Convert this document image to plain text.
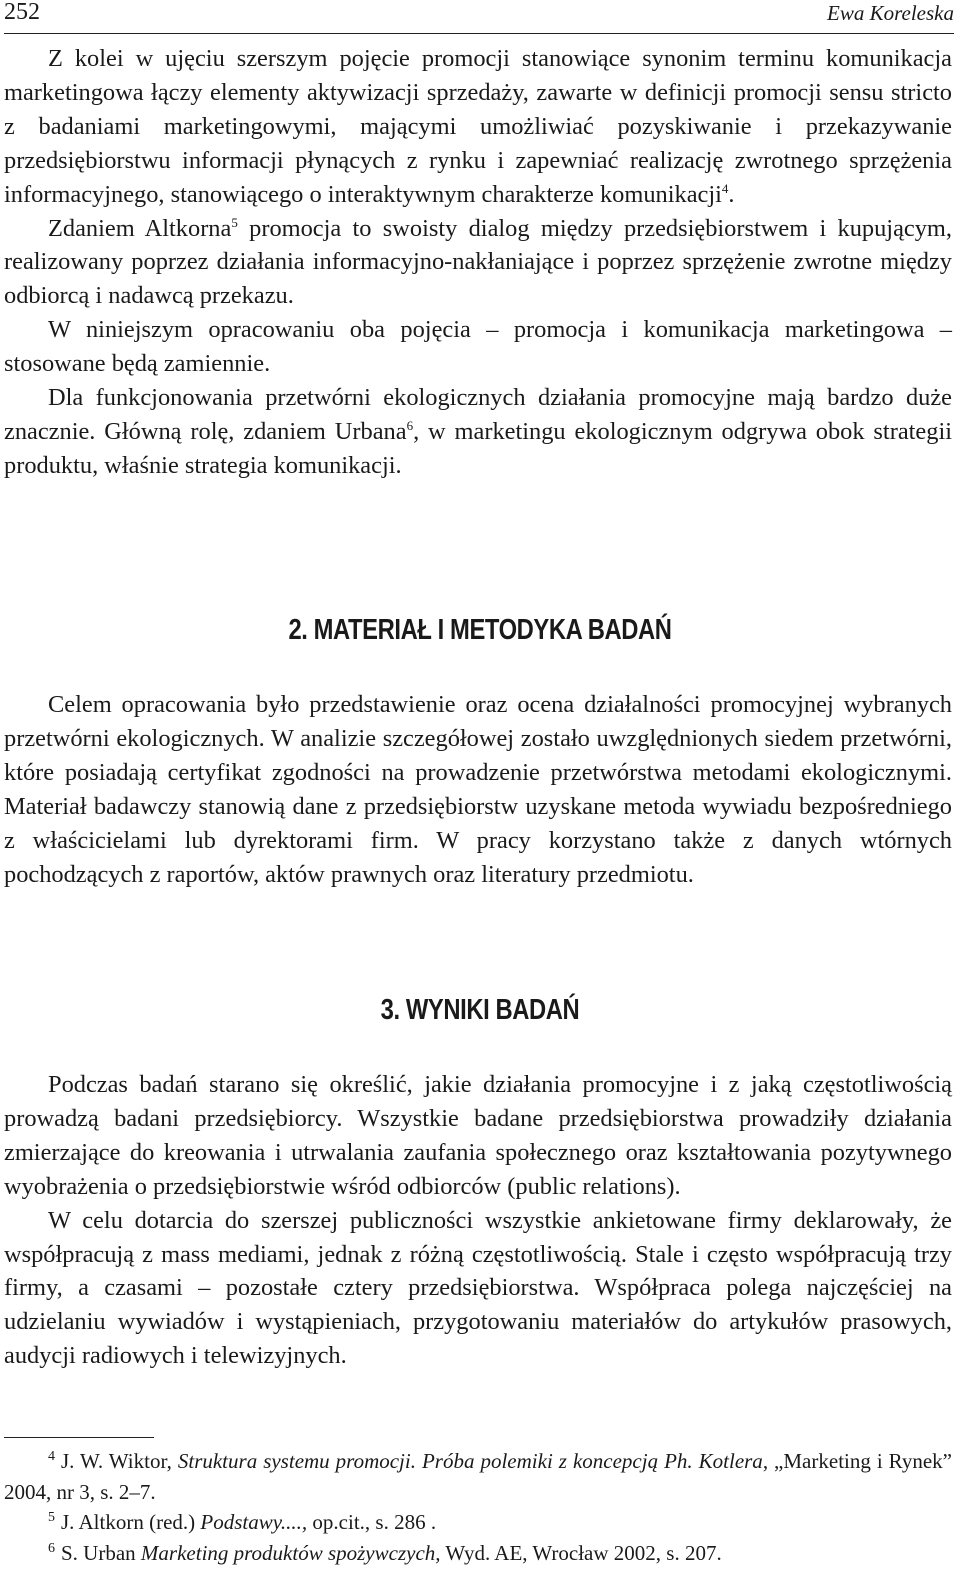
252	Ewa Koreleska

Z kolei w ujęciu szerszym pojęcie promocji stanowiące synonim terminu komunikacja marketingowa łączy elementy aktywizacji sprzedaży, zawarte w definicji promocji sensu stricto z badaniami marketingowymi, mającymi umożliwiać pozyskiwanie i przekazywanie przedsiębiorstwu informacji płynących z rynku i zapewniać realizację zwrotnego sprzężenia informacyjnego, stanowiącego o interaktywnym charakterze komunikacji$^4$.

Zdaniem Altkorna$^5$ promocja to swoisty dialog między przedsiębiorstwem i kupującym, realizowany poprzez działania informacyjno-nakłaniające i poprzez sprzężenie zwrotne między odbiorcą i nadawcą przekazu.

W niniejszym opracowaniu oba pojęcia – promocja i komunikacja marketingowa – stosowane będą zamiennie.

Dla funkcjonowania przetwórni ekologicznych działania promocyjne mają bardzo duże znacznie. Główną rolę, zdaniem Urbana$^6$, w marketingu ekologicznym odgrywa obok strategii produktu, właśnie strategia komunikacji.

2. MATERIAŁ I METODYKA BADAŃ

Celem opracowania było przedstawienie oraz ocena działalności promocyjnej wybranych przetwórni ekologicznych. W analizie szczegółowej zostało uwzględnionych siedem przetwórni, które posiadają certyfikat zgodności na prowadzenie przetwórstwa metodami ekologicznymi. Materiał badawczy stanowią dane z przedsiębiorstw uzyskane metoda wywiadu bezpośredniego z właścicielami lub dyrektorami firm. W pracy korzystano także z danych wtórnych pochodzących z raportów, aktów prawnych oraz literatury przedmiotu.

3. WYNIKI BADAŃ

Podczas badań starano się określić, jakie działania promocyjne i z jaką częstotliwością prowadzą badani przedsiębiorcy. Wszystkie badane przedsiębiorstwa prowadziły działania zmierzające do kreowania i utrwalania zaufania społecznego oraz kształtowania pozytywnego wyobrażenia o przedsiębiorstwie wśród odbiorców (public relations).

W celu dotarcia do szerszej publiczności wszystkie ankietowane firmy deklarowały, że współpracują z mass mediami, jednak z różną częstotliwością. Stale i często współpracują trzy firmy, a czasami – pozostałe cztery przedsiębiorstwa. Współpraca polega najczęściej na udzielaniu wywiadów i wystąpieniach, przygotowaniu materiałów do artykułów prasowych, audycji radiowych i telewizyjnych.

$^4$ J. W. Wiktor, Struktura systemu promocji. Próba polemiki z koncepcją Ph. Kotlera, „Marketing i Rynek” 2004, nr 3, s. 2–7.

$^5$ J. Altkorn (red.) Podstawy...., op.cit., s. 286 .

$^6$ S. Urban Marketing produktów spożywczych, Wyd. AE, Wrocław 2002, s. 207.
